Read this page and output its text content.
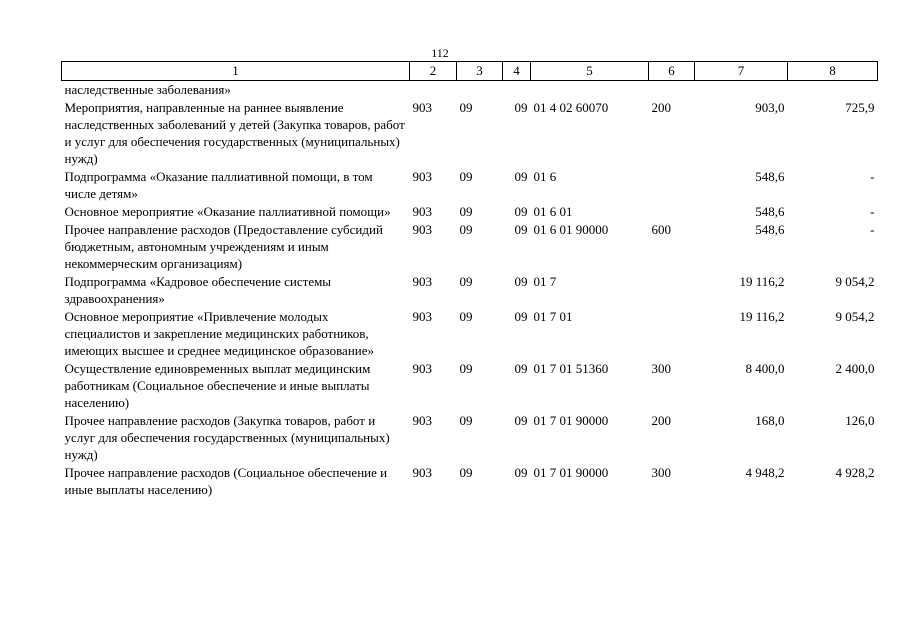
112
1	2	3	4	5	6	7	8
наследственные заболевания»							
Мероприятия, направленные на раннее выявление наследственных заболеваний у детей (Закупка товаров, работ и услуг для обеспечения государственных (муниципальных) нужд)	903	09	09	01 4 02 60070	200	903,0	725,9
Подпрограмма «Оказание паллиативной помощи, в том числе детям»	903	09	09	01 6		548,6	-
Основное мероприятие «Оказание паллиативной помощи»	903	09	09	01 6 01		548,6	-
Прочее направление расходов (Предоставление субсидий бюджетным, автономным учреждениям и иным некоммерческим организациям)	903	09	09	01 6 01 90000	600	548,6	-
Подпрограмма «Кадровое обеспечение системы здравоохранения»	903	09	09	01 7		19 116,2	9 054,2
Основное мероприятие «Привлечение молодых специалистов и закрепление медицинских работников, имеющих высшее и среднее медицинское образование»	903	09	09	01 7 01		19 116,2	9 054,2
Осуществление единовременных выплат медицинским работникам (Социальное обеспечение и иные выплаты населению)	903	09	09	01 7 01 51360	300	8 400,0	2 400,0
Прочее направление расходов (Закупка товаров, работ и услуг для обеспечения государственных (муниципальных) нужд)	903	09	09	01 7 01 90000	200	168,0	126,0
Прочее направление расходов (Социальное обеспечение и иные выплаты населению)	903	09	09	01 7 01 90000	300	4 948,2	4 928,2
